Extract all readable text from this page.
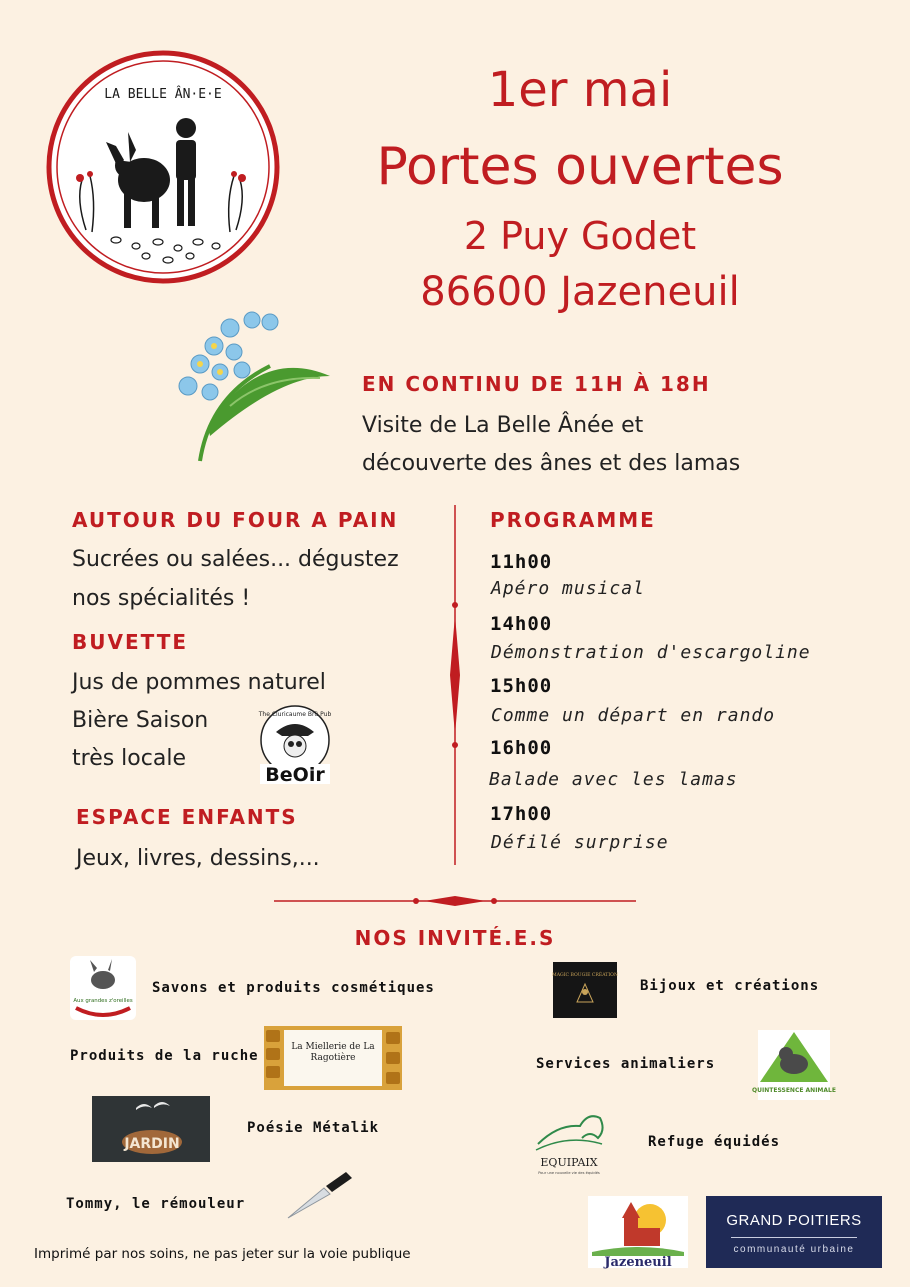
LA BELLE ÂN·E·E	1er mai
Portes ouvertes
2 Puy Godet
86600 Jazeneuil
EN CONTINU DE 11H À 18H
Visite de La Belle Ânée et
découverte des ânes et des lamas
AUTOUR DU FOUR A PAIN
Sucrées ou salées... dégustez
nos spécialités !
BUVETTE
Jus de pommes naturel
Bière Saison
très locale
The Cluricaume Brü Pub
BeOir
ESPACE ENFANTS
Jeux, livres, dessins,...
PROGRAMME
11h00
Apéro musical
14h00
Démonstration d'escargoline
15h00
Comme un départ en rando
16h00
Balade avec les lamas
17h00
Défilé surprise
NOS INVITÉ.E.S
Aux grandes z'oreilles
Savons et produits cosmétiques
MAGIC BOUGIE CRÉATION
Bijoux et créations
Produits de la ruche
La Miellerie de La Ragotière	Services animaliers
QUINTESSENCE ANIMALE
JARDIN
Poésie Métalik
EQUIPAIX
Pour une nouvelle vie des équidés
Refuge équidés
Tommy, le rémouleur
Jazeneuil
GRAND POITIERS
communauté urbaine
Imprimé par nos soins, ne pas jeter sur la voie publique
